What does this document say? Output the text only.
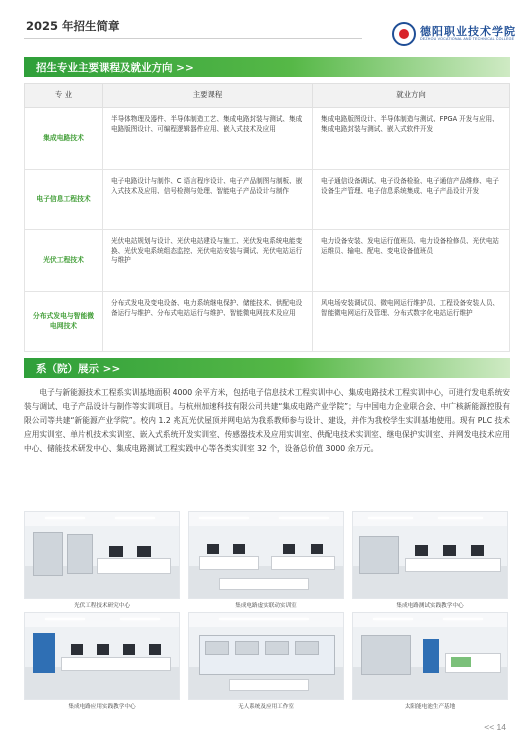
2025 年招生简章	德阳职业技术学院
DEZHOU VOCATIONAL AND TECHNICAL COLLEGE
招生专业主要课程及就业方向 >>
专 业	主要课程	就业方向
集成电路技术	半导体物理及器件、半导体制造工艺、集成电路封装与测试、集成电路版图设计、可编程逻辑器件应用、嵌入式技术及应用	集成电路版图设计、半导体制造与测试、FPGA 开发与应用、集成电路封装与测试、嵌入式软件开发
电子信息工程技术	电子电路设计与制作、C 语言程序设计、电子产品制图与制板、嵌入式技术及应用、信号检测与处理、智能电子产品设计与制作	电子通信设备调试、电子设备检验、电子通信产品维修、电子设备生产管理、电子信息系统集成、电子产品设计开发
光伏工程技术	光伏电站规划与设计、光伏电站建设与施工、光伏发电系统电能变换、光伏发电系统组态监控、光伏电站安装与调试、光伏电站运行与维护	电力设备安装、发电运行值班员、电力设备检修员、光伏电站运维员、输电、配电、变电设备值班员
分布式发电与智能微电网技术	分布式发电及变电设备、电力系统继电保护、储能技术、供配电设备运行与维护、分布式电站运行与维护、智能微电网技术及应用	风电场安装调试员、微电网运行维护员、工程设备安装人员、智能微电网运行及管理、分布式数字化电站运行维护
系（院）展示 >>

电子与新能源技术工程系实训基地面积 4000 余平方米，包括电子信息技术工程实训中心、集成电路技术工程实训中心，可进行发电系统安装与调试、电子产品设计与制作等实训项目。与杭州加速科技有限公司共建“集成电路产业学院”；与中国电力企业联合会、中广核新能源控股有限公司等共建“新能源产业学院”。校内 1.2 兆瓦光伏屋顶并网电站为我系教师参与设计、建设，并作为我校学生实训基地使用。现有 PLC 技术应用实训室、单片机技术实训室、嵌入式系统开发实训室、传感器技术及应用实训室、供配电技术实训室、继电保护实训室、并网发电技术应用中心、储能技术研发中心、集成电路测试工程实践中心等各类实训室 32 个，设备总价值 3000 余万元。

光伏工程技术研究中心	集成电路虚实联动实训室	集成电路测试实践教学中心
集成电路应用实践教学中心	无人系统及应用工作室	太阳能电池生产基地
<< 14
